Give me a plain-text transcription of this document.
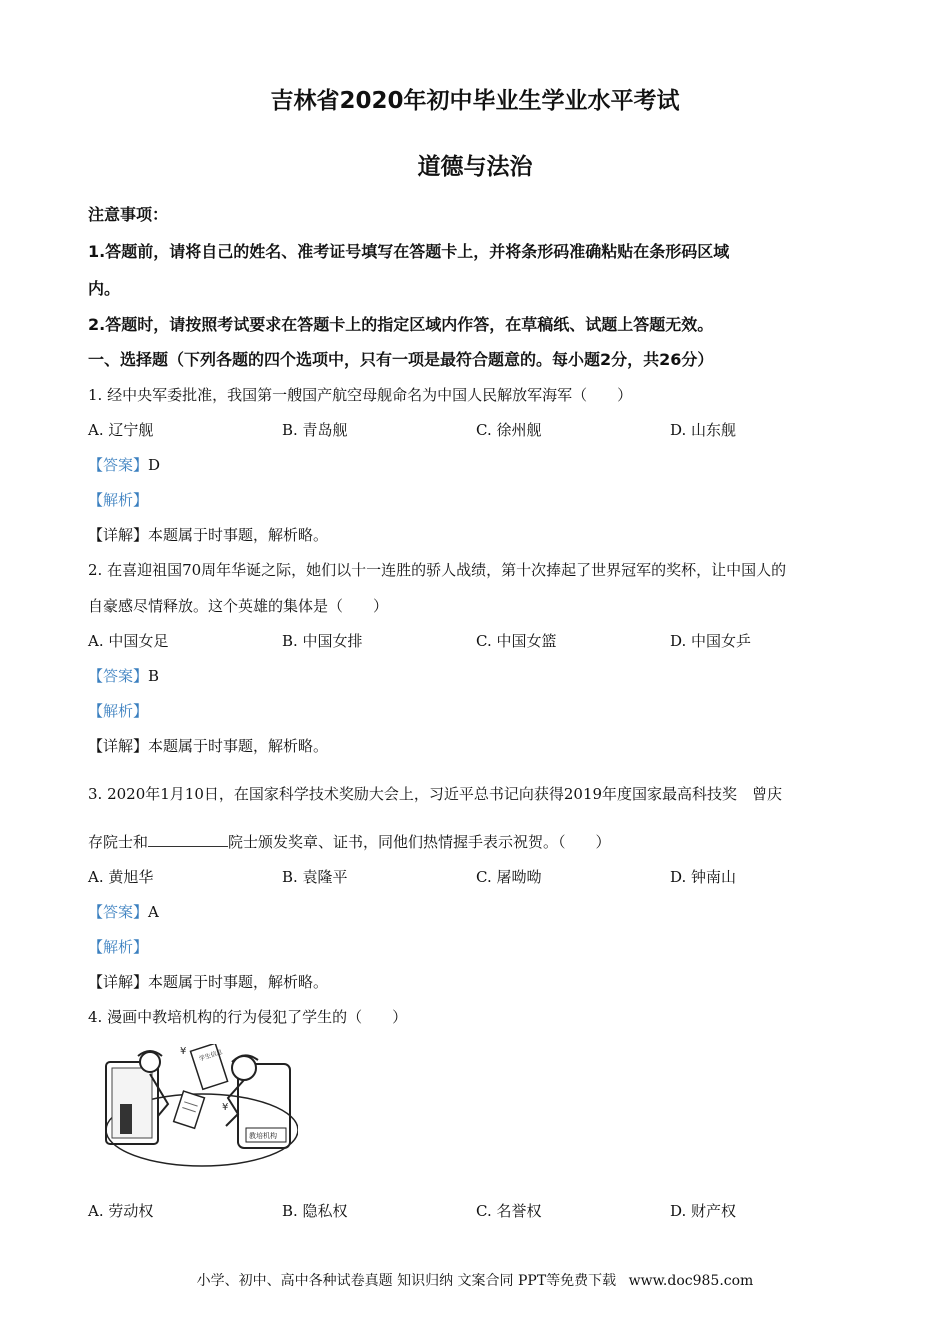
吉林省2020年初中毕业生学业水平考试
道德与法治
注意事项：
1.答题前，请将自己的姓名、准考证号填写在答题卡上，并将条形码准确粘贴在条形码区域
内。
2.答题时，请按照考试要求在答题卡上的指定区域内作答，在草稿纸、试题上答题无效。
一、选择题（下列各题的四个选项中，只有一项是最符合题意的。每小题2分，共26分）
1. 经中央军委批准，我国第一艘国产航空母舰命名为中国人民解放军海军（　　）
A. 辽宁舰	B. 青岛舰	C. 徐州舰	D. 山东舰
【答案】D
【解析】
【详解】本题属于时事题，解析略。
2. 在喜迎祖国70周年华诞之际，她们以十一连胜的骄人战绩，第十次捧起了世界冠军的奖杯，让中国人的
自豪感尽情释放。这个英雄的集体是（　　）
A. 中国女足	B. 中国女排	C. 中国女篮	D. 中国女乒
【答案】B
【解析】
【详解】本题属于时事题，解析略。
3. 2020年1月10日，在国家科学技术奖励大会上，习近平总书记向获得2019年度国家最高科技奖　曾庆
存院士和	院士颁发奖章、证书，同他们热情握手表示祝贺。（　　）
A. 黄旭华	B. 袁隆平	C. 屠呦呦	D. 钟南山
【答案】A
【解析】
【详解】本题属于时事题，解析略。
4. 漫画中教培机构的行为侵犯了学生的（　　）
¥ 学生信息
¥
教培机构
A. 劳动权	B. 隐私权	C. 名誉权	D. 财产权
小学、初中、高中各种试卷真题 知识归纳 文案合同 PPT等免费下载 www.doc985.com
